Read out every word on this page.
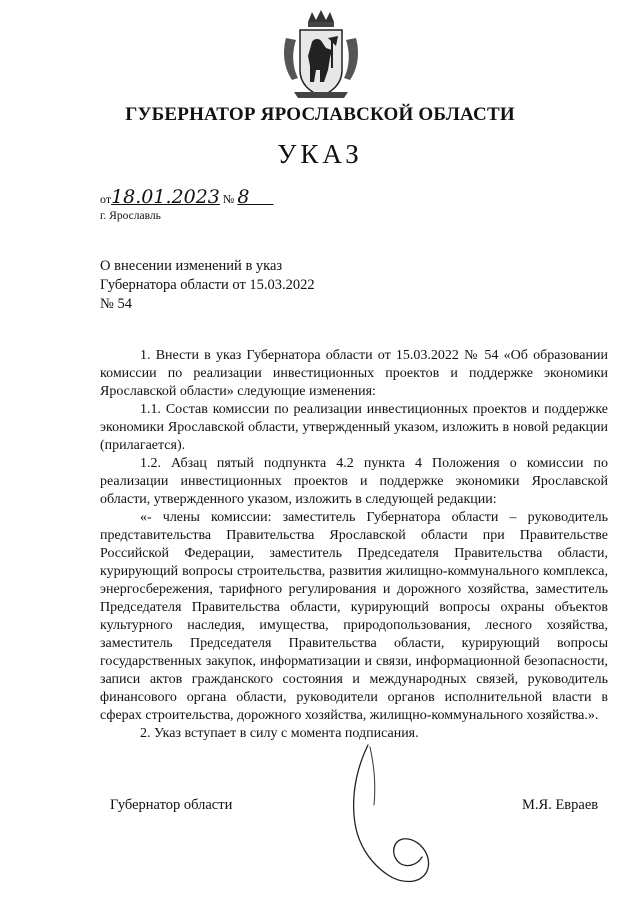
ГУБЕРНАТОР ЯРОСЛАВСКОЙ ОБЛАСТИ
УКАЗ
от18.01.2023 № 8
г. Ярославль
О внесении изменений в указ
Губернатора области от 15.03.2022
№ 54

1. Внести в указ Губернатора области от 15.03.2022 № 54 «Об образовании комиссии по реализации инвестиционных проектов и поддержке экономики Ярославской области» следующие изменения:

1.1. Состав комиссии по реализации инвестиционных проектов и поддержке экономики Ярославской области, утвержденный указом, изложить в новой редакции (прилагается).

1.2. Абзац пятый подпункта 4.2 пункта 4 Положения о комиссии по реализации инвестиционных проектов и поддержке экономики Ярославской области, утвержденного указом, изложить в следующей редакции:

«- члены комиссии: заместитель Губернатора области – руководитель представительства Правительства Ярославской области при Правительстве Российской Федерации, заместитель Председателя Правительства области, курирующий вопросы строительства, развития жилищно-коммунального комплекса, энергосбережения, тарифного регулирования и дорожного хозяйства, заместитель Председателя Правительства области, курирующий вопросы охраны объектов культурного наследия, имущества, природопользования, лесного хозяйства, заместитель Председателя Правительства области, курирующий вопросы государственных закупок, информатизации и связи, информационной безопасности, записи актов гражданского состояния и международных связей, руководитель финансового органа области, руководители органов исполнительной власти в сферах строительства, дорожного хозяйства, жилищно-коммунального хозяйства.».

2. Указ вступает в силу с момента подписания.

Губернатор области	М.Я. Евраев
